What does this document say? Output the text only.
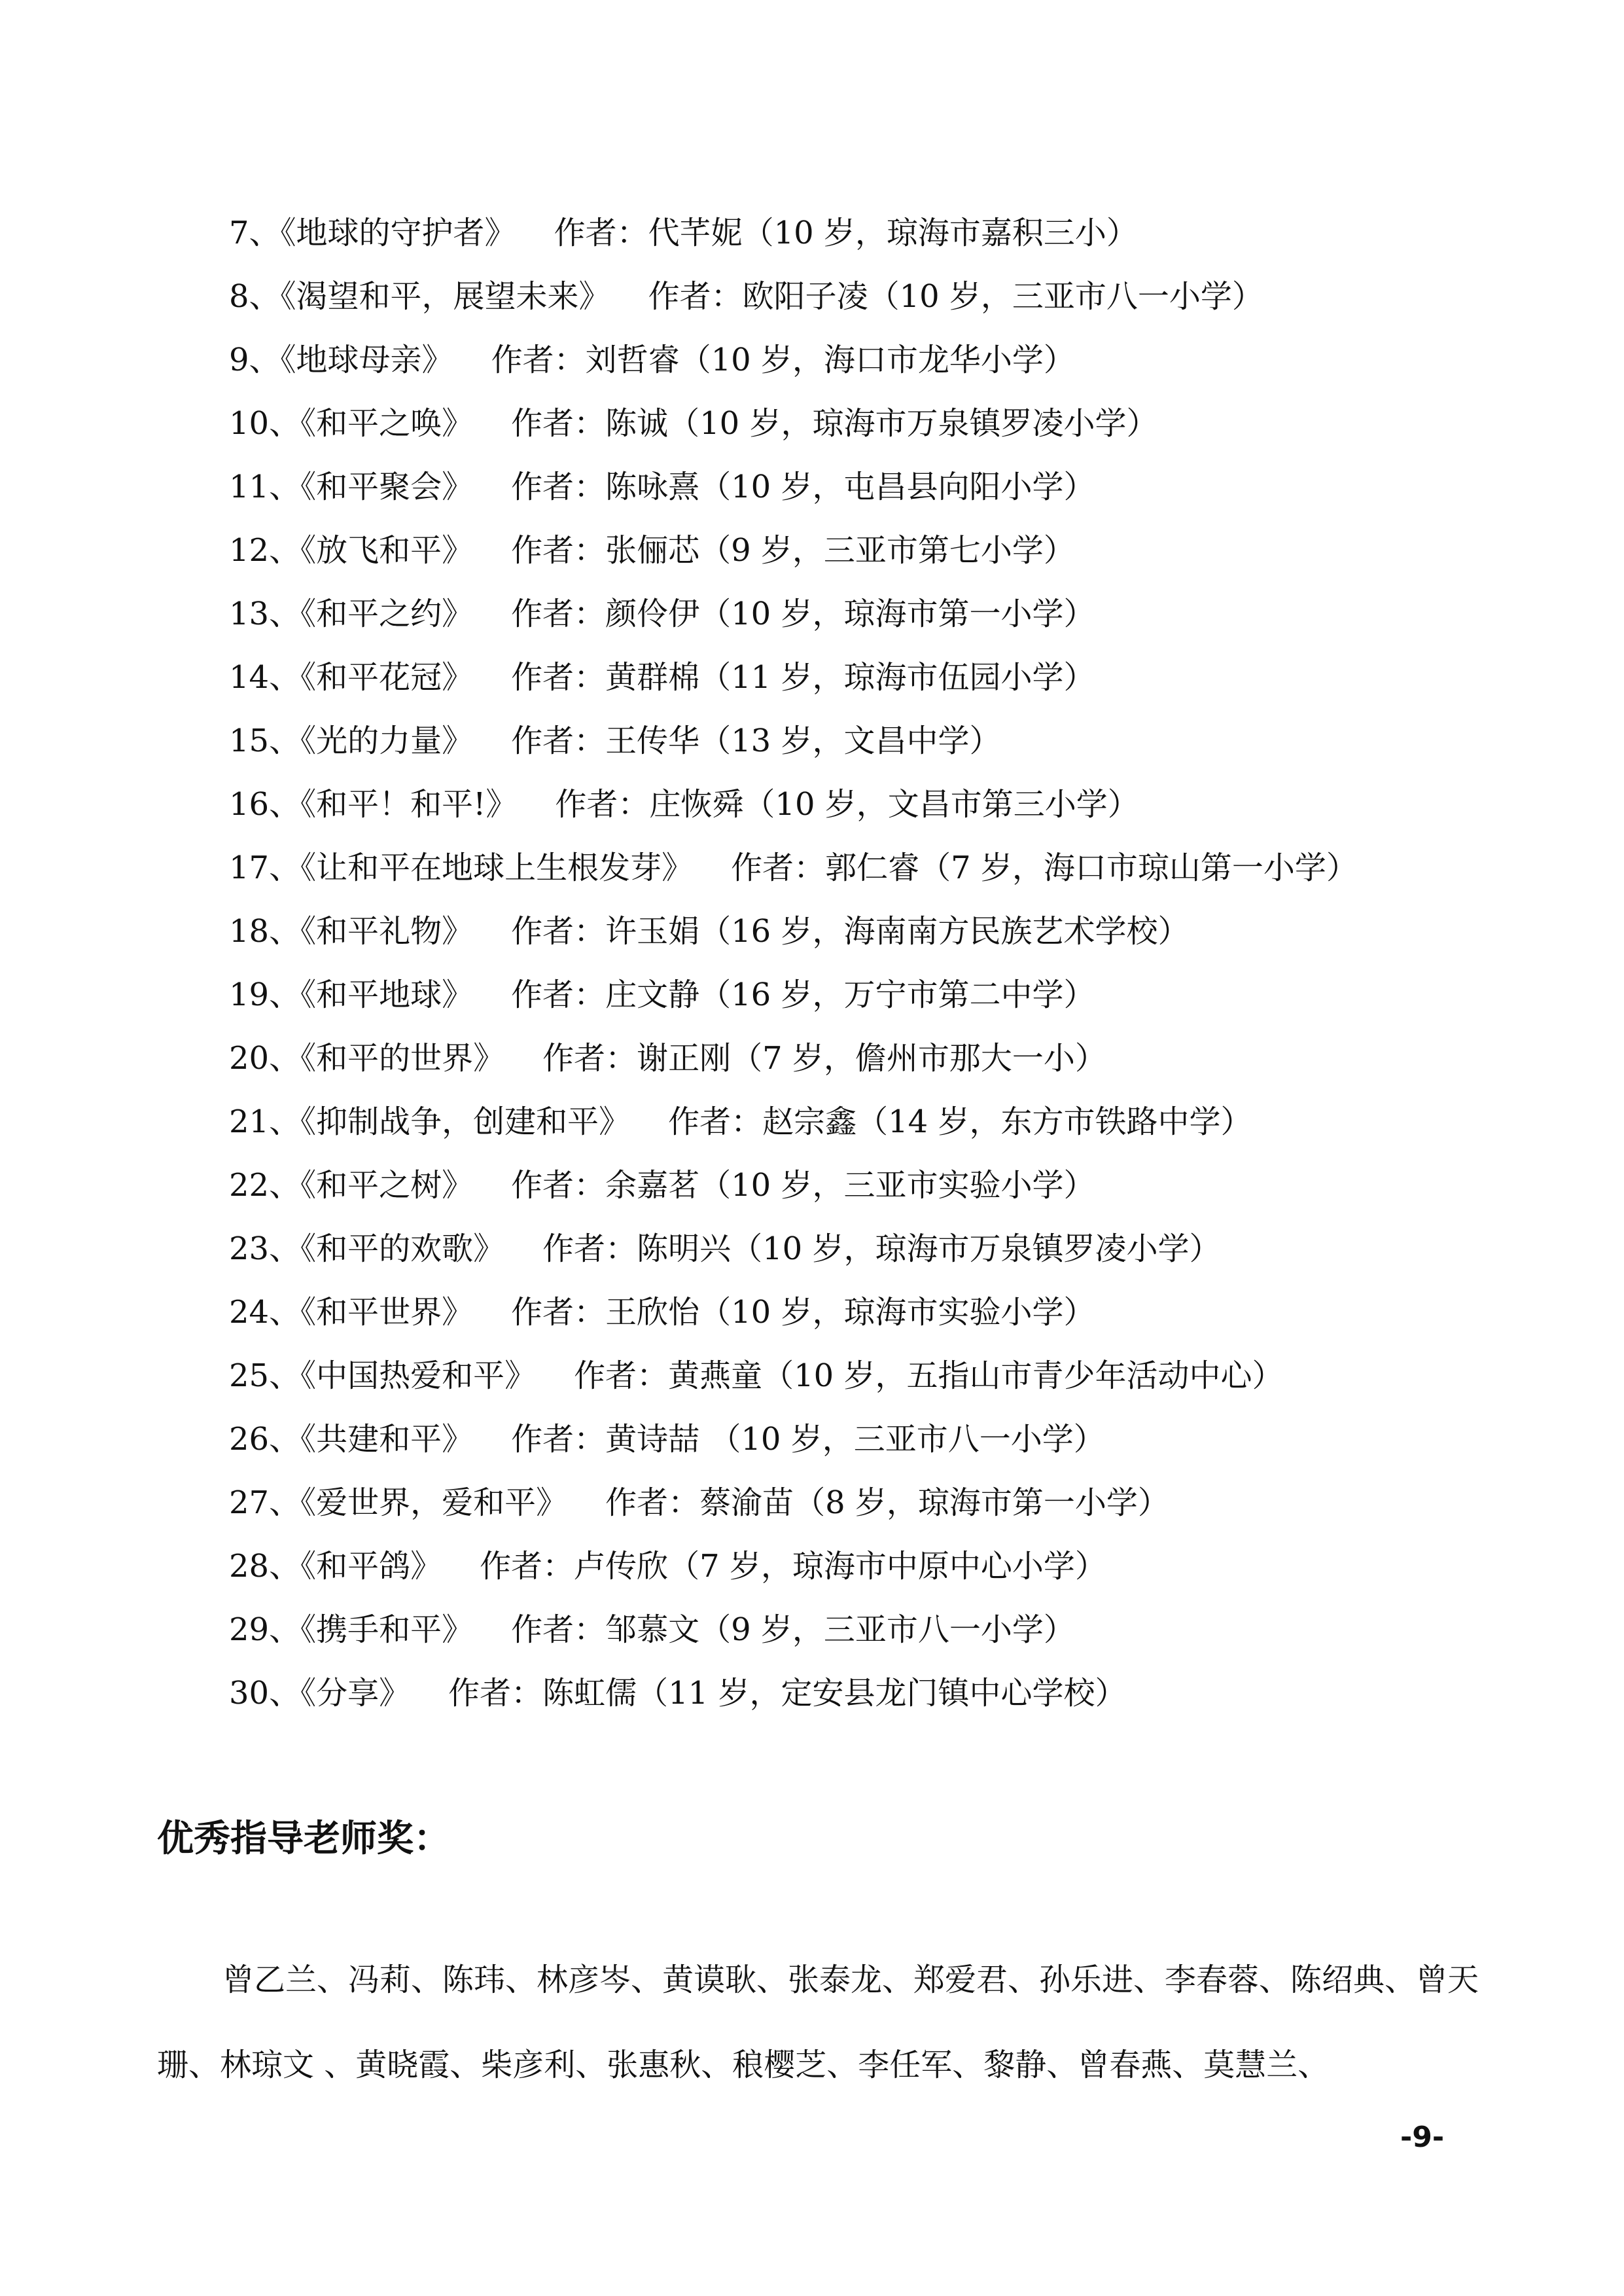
7、《地球的守护者》 作者：代芊妮（10 岁，琼海市嘉积三小）
8、《渴望和平，展望未来》 作者：欧阳子凌（10 岁，三亚市八一小学）
9、《地球母亲》 作者：刘哲睿（10 岁，海口市龙华小学）
10、《和平之唤》 作者：陈诚（10 岁，琼海市万泉镇罗凌小学）
11、《和平聚会》 作者：陈咏熹（10 岁，屯昌县向阳小学）
12、《放飞和平》 作者：张俪芯（9 岁，三亚市第七小学）
13、《和平之约》 作者：颜伶伊（10 岁，琼海市第一小学）
14、《和平花冠》 作者：黄群棉（11 岁，琼海市伍园小学）
15、《光的力量》 作者：王传华（13 岁，文昌中学）
16、《和平！和平!》 作者：庄恢舜（10 岁，文昌市第三小学）
17、《让和平在地球上生根发芽》 作者：郭仁睿（7 岁，海口市琼山第一小学）
18、《和平礼物》 作者：许玉娟（16 岁，海南南方民族艺术学校）
19、《和平地球》 作者：庄文静（16 岁，万宁市第二中学）
20、《和平的世界》 作者：谢正刚（7 岁，儋州市那大一小）
21、《抑制战争，创建和平》 作者：赵宗鑫（14 岁，东方市铁路中学）
22、《和平之树》 作者：余嘉茗（10 岁，三亚市实验小学）
23、《和平的欢歌》 作者：陈明兴（10 岁，琼海市万泉镇罗凌小学）
24、《和平世界》 作者：王欣怡（10 岁，琼海市实验小学）
25、《中国热爱和平》 作者：黄燕童（10 岁，五指山市青少年活动中心）
26、《共建和平》 作者：黄诗喆 （10 岁，三亚市八一小学）
27、《爱世界，爱和平》 作者：蔡渝苗（8 岁，琼海市第一小学）
28、《和平鸽》 作者：卢传欣（7 岁，琼海市中原中心小学）
29、《携手和平》 作者：邹慕文（9 岁，三亚市八一小学）
30、《分享》 作者：陈虹儒（11 岁，定安县龙门镇中心学校）
优秀指导老师奖：

曾乙兰、冯莉、陈玮、林彦岑、黄谟耿、张泰龙、郑爱君、孙乐进、李春蓉、陈绍典、曾天珊、林琼文 、黄晓霞、柴彦利、张惠秋、稂樱芝、李任军、黎静、曾春燕、莫慧兰、

-9-
